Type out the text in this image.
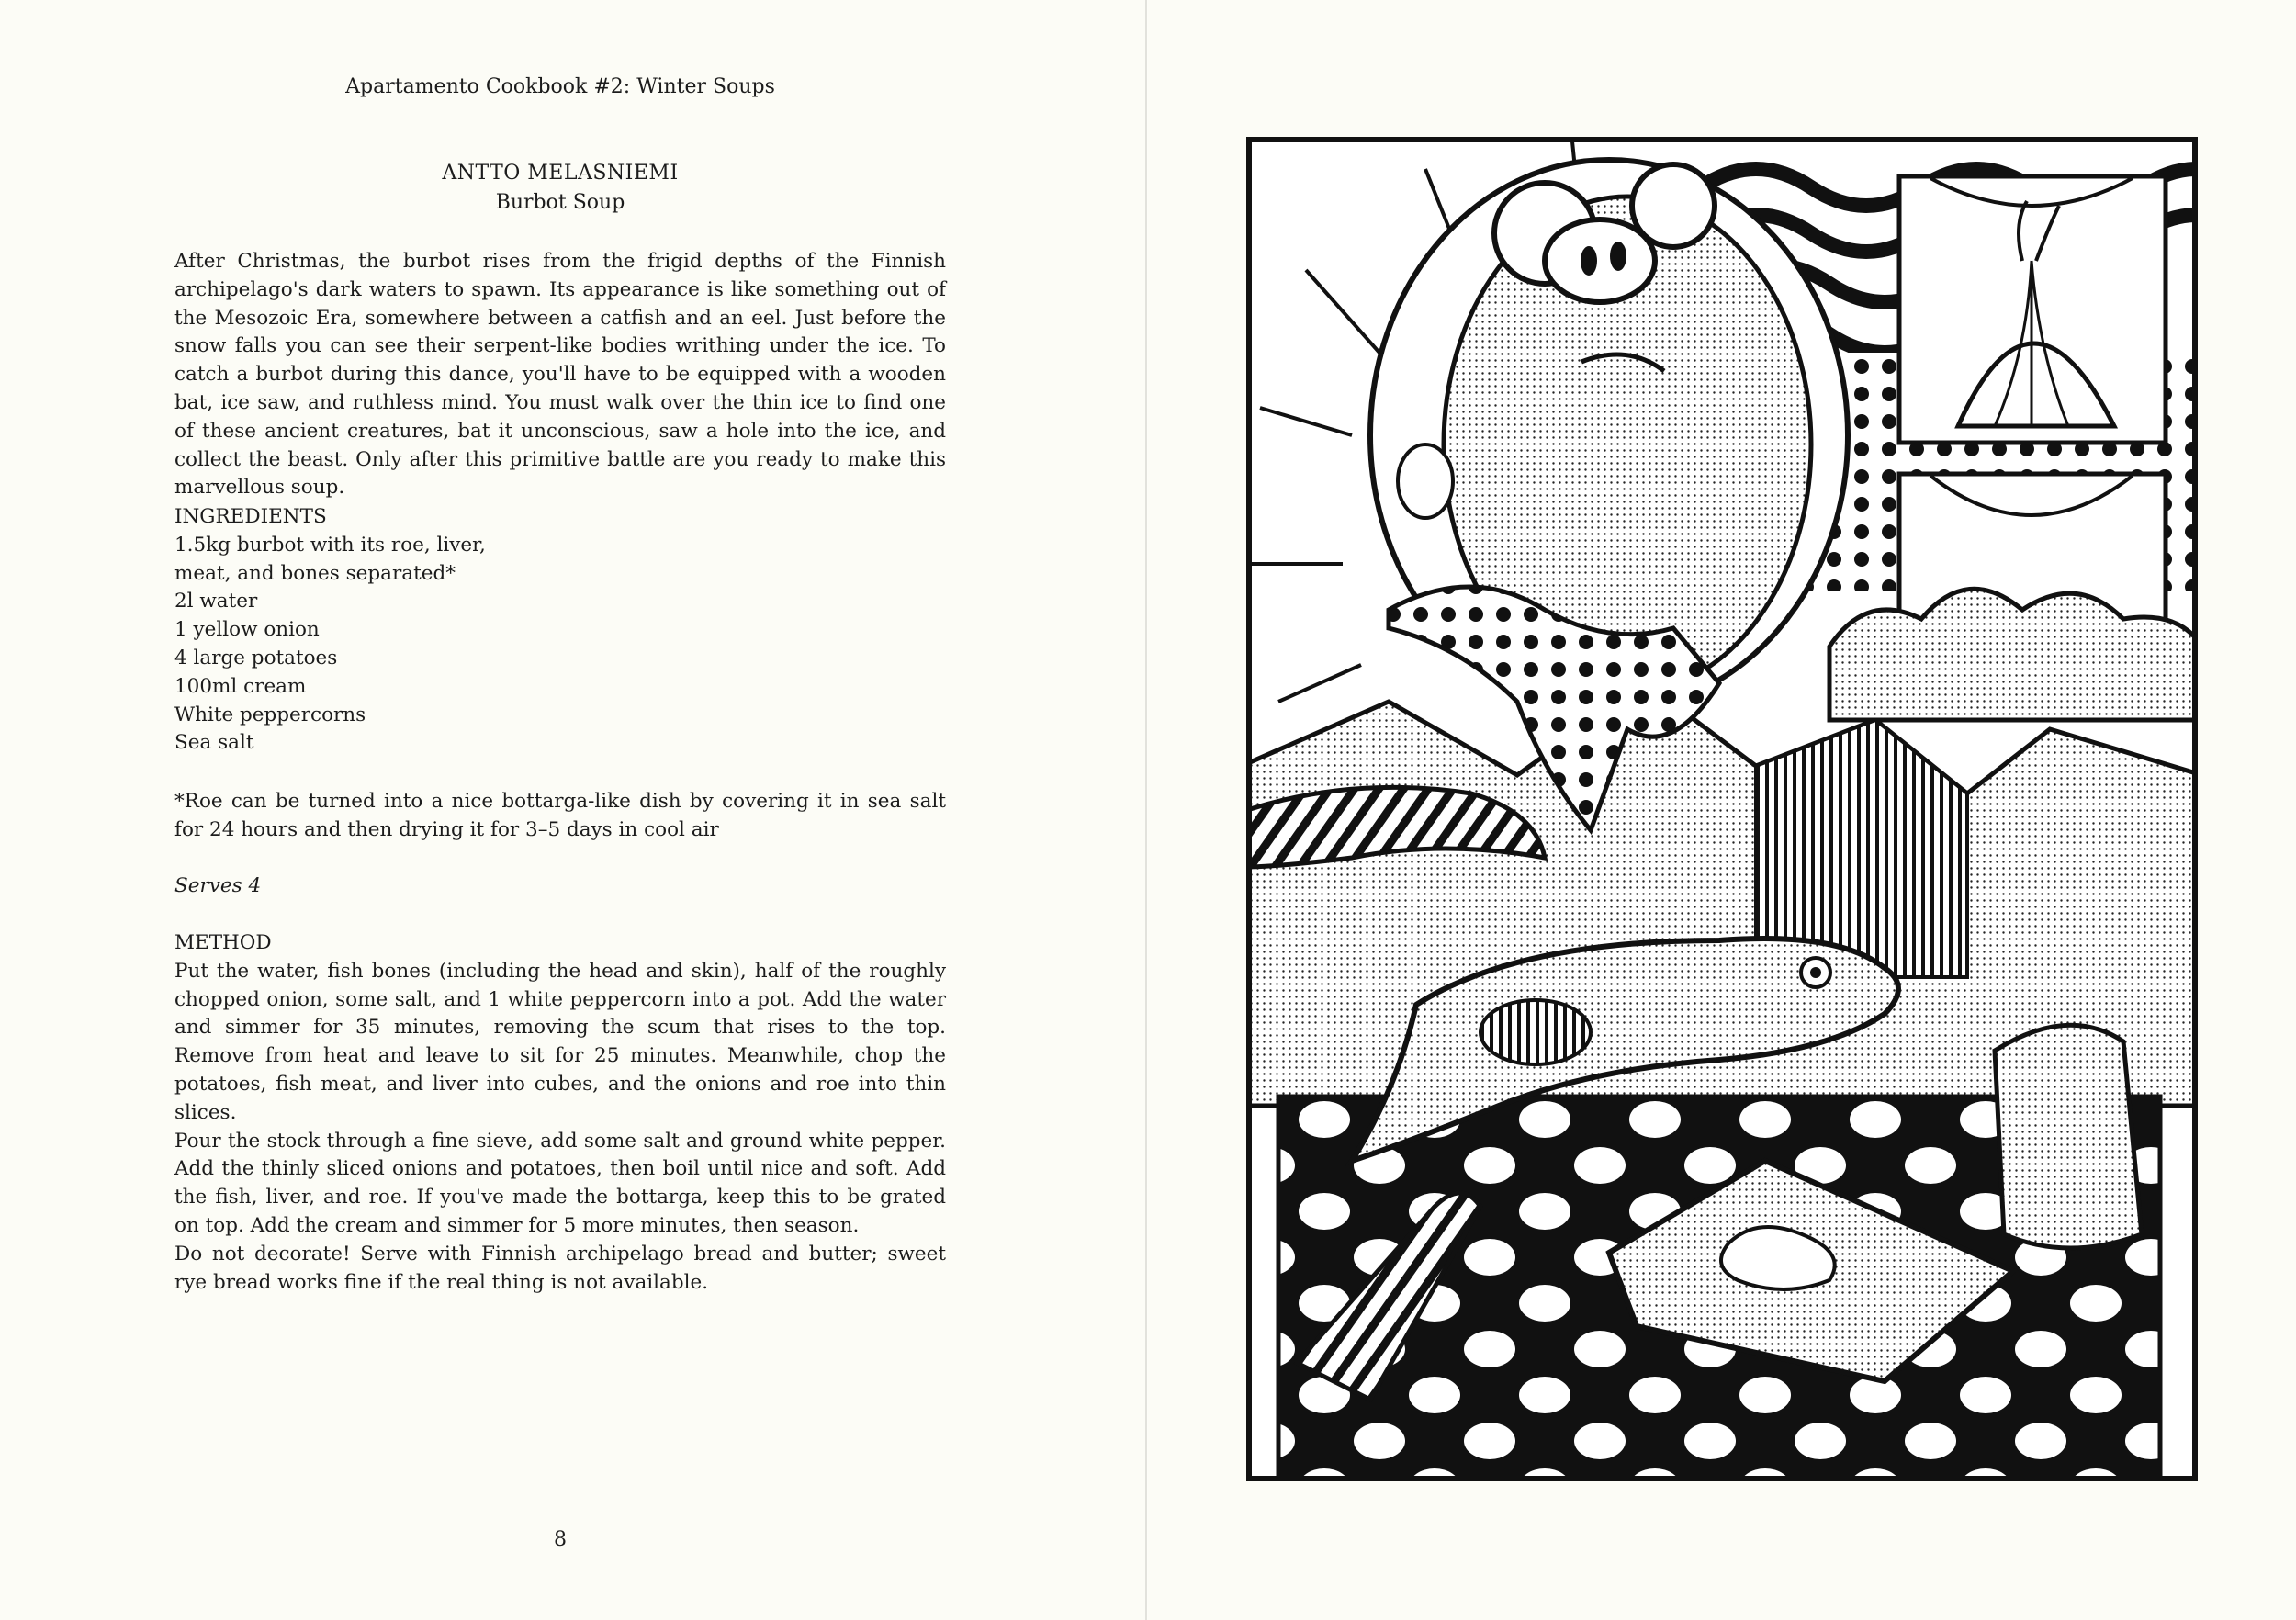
Apartamento Cookbook #2: Winter Soups
ANTTO MELASNIEMI
Burbot Soup

After Christmas, the burbot rises from the frigid depths of the Finnish archipelago's dark waters to spawn. Its appearance is like something out of the Mesozoic Era, somewhere between a catfish and an eel. Just before the snow falls you can see their serpent-like bodies writhing under the ice. To catch a burbot during this dance, you'll have to be equipped with a wooden bat, ice saw, and ruthless mind. You must walk over the thin ice to find one of these ancient creatures, bat it unconscious, saw a hole into the ice, and collect the beast. Only after this primitive battle are you ready to make this marvellous soup.

INGREDIENTS
1.5kg burbot with its roe, liver,
meat, and bones separated*
2l water
1 yellow onion
4 large potatoes
100ml cream
White peppercorns
Sea salt

*Roe can be turned into a nice bottarga-like dish by covering it in sea salt for 24 hours and then drying it for 3–5 days in cool air

Serves 4
METHOD

Put the water, fish bones (including the head and skin), half of the roughly chopped onion, some salt, and 1 white peppercorn into a pot. Add the water and simmer for 35 minutes, removing the scum that rises to the top. Remove from heat and leave to sit for 25 minutes. Meanwhile, chop the potatoes, fish meat, and liver into cubes, and the onions and roe into thin slices.

Pour the stock through a fine sieve, add some salt and ground white pepper. Add the thinly sliced onions and potatoes, then boil until nice and soft. Add the fish, liver, and roe. If you've made the bottarga, keep this to be grated on top. Add the cream and simmer for 5 more minutes, then season.

Do not decorate! Serve with Finnish archipelago bread and butter; sweet rye bread works fine if the real thing is not available.

8
